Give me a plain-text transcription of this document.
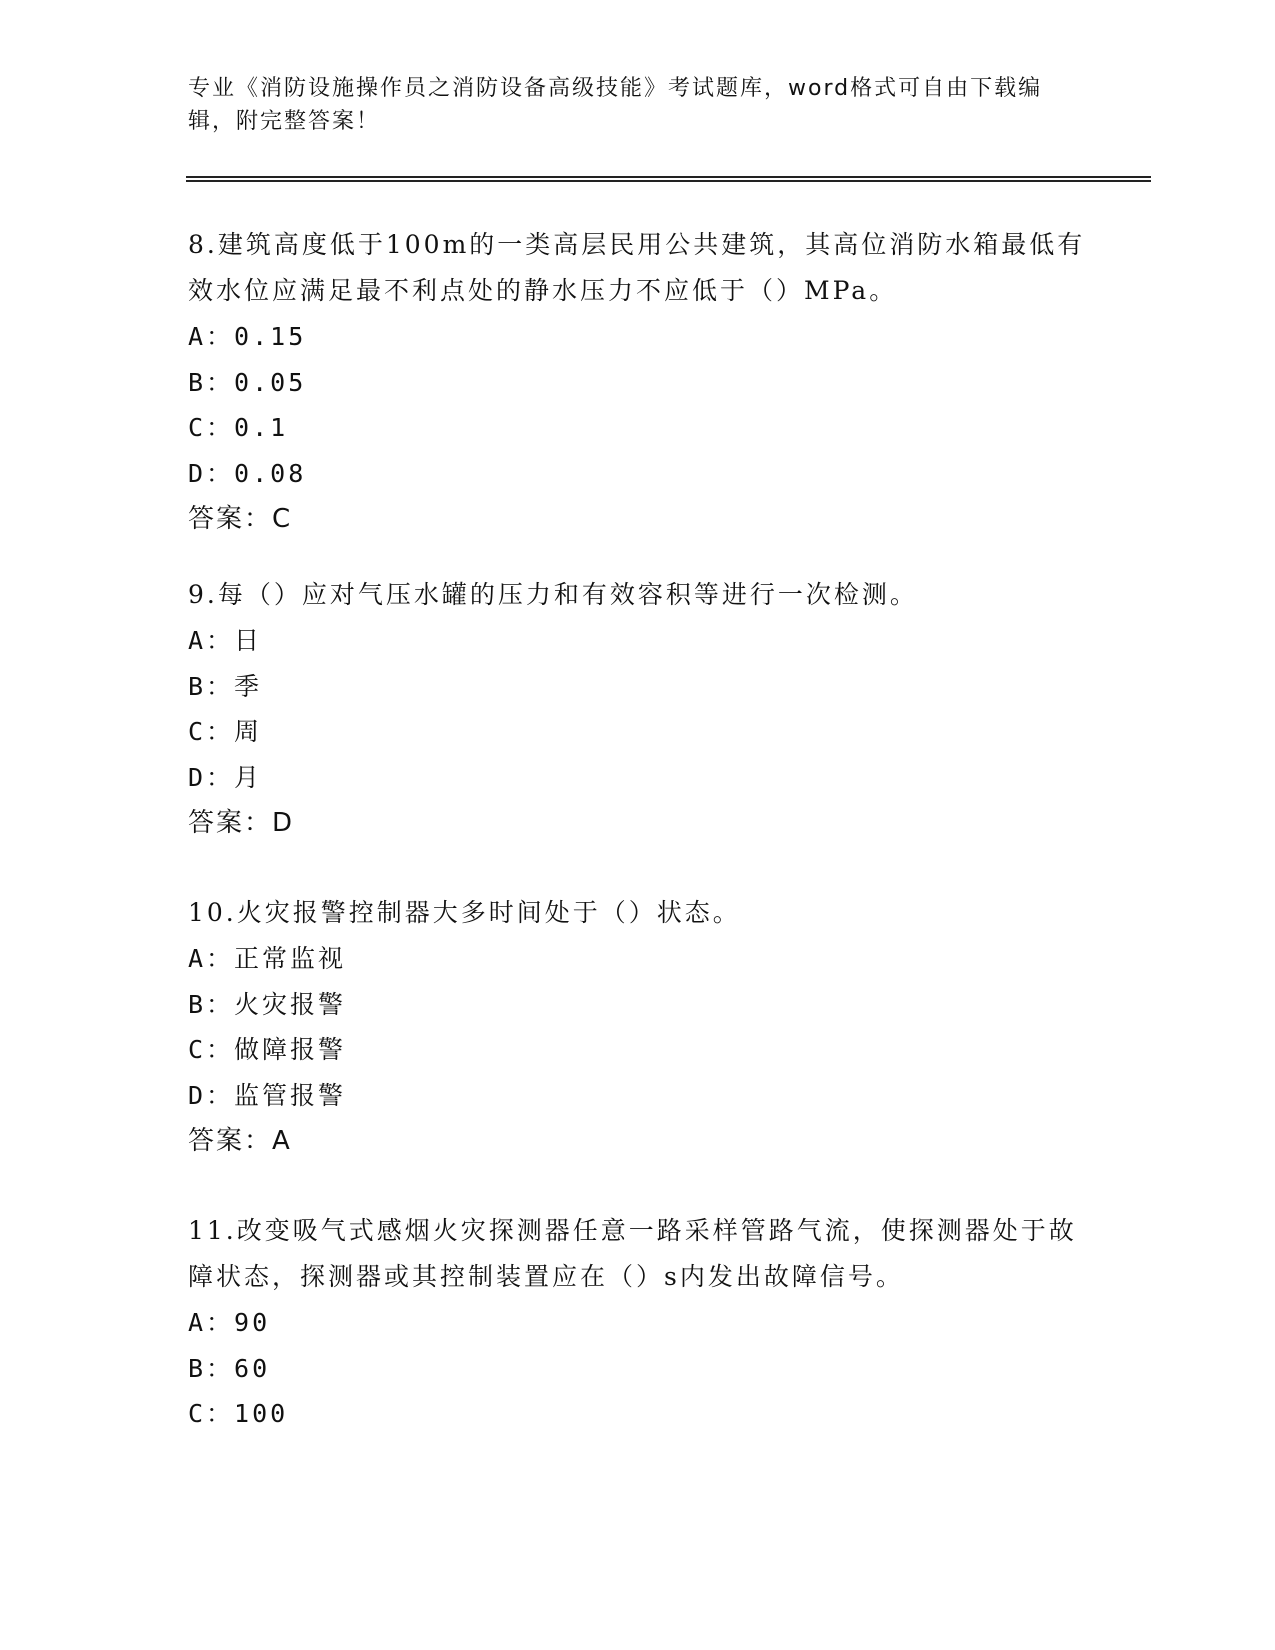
专业《消防设施操作员之消防设备高级技能》考试题库，word格式可自由下载编辑，附完整答案！

8.建筑高度低于100m的一类高层民用公共建筑，其高位消防水箱最低有效水位应满足最不利点处的静水压力不应低于（）MPa。

A：0.15

B：0.05

C：0.1

D：0.08

答案：C

9.每（）应对气压水罐的压力和有效容积等进行一次检测。

A：日

B：季

C：周

D：月

答案：D

10.火灾报警控制器大多时间处于（）状态。

A：正常监视

B：火灾报警

C：做障报警

D：监管报警

答案：A

11.改变吸气式感烟火灾探测器任意一路采样管路气流，使探测器处于故障状态，探测器或其控制装置应在（）s内发出故障信号。

A：90

B：60

C：100
